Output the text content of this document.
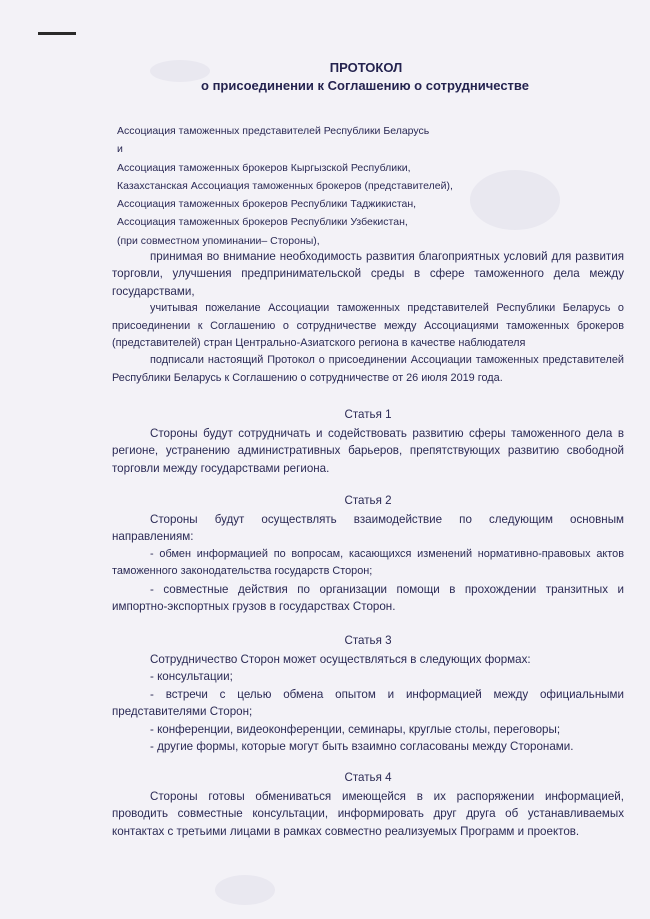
ПРОТОКОЛ
о присоединении к Соглашению о сотрудничестве
Ассоциация таможенных представителей Республики Беларусь
и
Ассоциация таможенных брокеров Кыргызской Республики,
Казахстанская Ассоциация таможенных брокеров (представителей),
Ассоциация таможенных брокеров Республики Таджикистан,
Ассоциация таможенных брокеров Республики Узбекистан,
(при совместном упоминании– Стороны),

принимая во внимание необходимость развития благоприятных условий для развития торговли, улучшения предпринимательской среды в сфере таможенного дела между государствами,

учитывая пожелание Ассоциации таможенных представителей Республики Беларусь о присоединении к Соглашению о сотрудничестве между Ассоциациями таможенных брокеров (представителей) стран Центрально-Азиатского региона в качестве наблюдателя

подписали настоящий Протокол о присоединении Ассоциации таможенных представителей Республики Беларусь к Соглашению о сотрудничестве от 26 июля 2019 года.

Статья 1

Стороны будут сотрудничать и содействовать развитию сферы таможенного дела в регионе, устранению административных барьеров, препятствующих развитию свободной торговли между государствами региона.

Статья 2

Стороны будут осуществлять взаимодействие по следующим основным направлениям:

- обмен информацией по вопросам, касающихся изменений нормативно-правовых актов таможенного законодательства государств Сторон;

- совместные действия по организации помощи в прохождении транзитных и импортно-экспортных грузов в государствах Сторон.

Статья 3

Сотрудничество Сторон может осуществляться в следующих формах:

- консультации;

- встречи с целью обмена опытом и информацией между официальными представителями Сторон;

- конференции, видеоконференции, семинары, круглые столы, переговоры;

- другие формы, которые могут быть взаимно согласованы между Сторонами.

Статья 4

Стороны готовы обмениваться имеющейся в их распоряжении информацией, проводить совместные консультации, информировать друг друга об устанавливаемых контактах с третьими лицами в рамках совместно реализуемых Программ и проектов.
